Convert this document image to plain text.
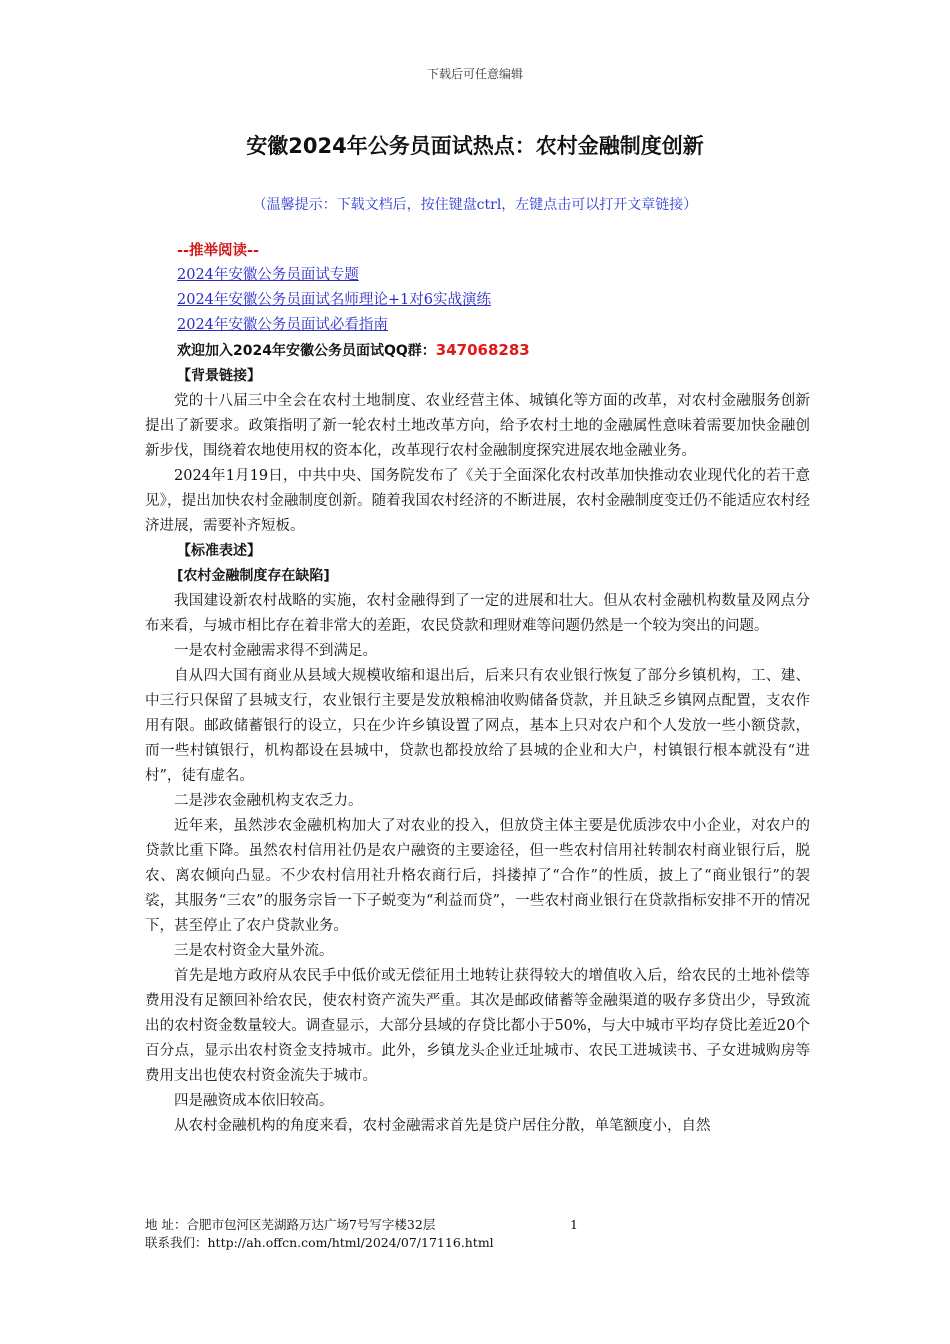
下载后可任意编辑
安徽2024年公务员面试热点：农村金融制度创新
（温馨提示：下载文档后，按住键盘ctrl，左键点击可以打开文章链接）

--推举阅读--

2024年安徽公务员面试专题

2024年安徽公务员面试名师理论+1对6实战演练

2024年安徽公务员面试必看指南

欢迎加入2024年安徽公务员面试QQ群：347068283

【背景链接】

党的十八届三中全会在农村土地制度、农业经营主体、城镇化等方面的改革，对农村金融服务创新提出了新要求。政策指明了新一轮农村土地改革方向，给予农村土地的金融属性意味着需要加快金融创新步伐，围绕着农地使用权的资本化，改革现行农村金融制度探究进展农地金融业务。

2024年1月19日，中共中央、国务院发布了《关于全面深化农村改革加快推动农业现代化的若干意见》，提出加快农村金融制度创新。随着我国农村经济的不断进展，农村金融制度变迁仍不能适应农村经济进展，需要补齐短板。

【标准表述】

[农村金融制度存在缺陷]

我国建设新农村战略的实施，农村金融得到了一定的进展和壮大。但从农村金融机构数量及网点分布来看，与城市相比存在着非常大的差距，农民贷款和理财难等问题仍然是一个较为突出的问题。

一是农村金融需求得不到满足。

自从四大国有商业从县域大规模收缩和退出后，后来只有农业银行恢复了部分乡镇机构，工、建、中三行只保留了县城支行，农业银行主要是发放粮棉油收购储备贷款，并且缺乏乡镇网点配置，支农作用有限。邮政储蓄银行的设立，只在少许乡镇设置了网点，基本上只对农户和个人发放一些小额贷款，而一些村镇银行，机构都设在县城中，贷款也都投放给了县城的企业和大户，村镇银行根本就没有“进村”，徒有虚名。

二是涉农金融机构支农乏力。

近年来，虽然涉农金融机构加大了对农业的投入，但放贷主体主要是优质涉农中小企业，对农户的贷款比重下降。虽然农村信用社仍是农户融资的主要途径，但一些农村信用社转制农村商业银行后，脱农、离农倾向凸显。不少农村信用社升格农商行后，抖搂掉了“合作”的性质，披上了“商业银行”的袈裟，其服务“三农”的服务宗旨一下子蜕变为“利益而贷”，一些农村商业银行在贷款指标安排不开的情况下，甚至停止了农户贷款业务。

三是农村资金大量外流。

首先是地方政府从农民手中低价或无偿征用土地转让获得较大的增值收入后，给农民的土地补偿等费用没有足额回补给农民，使农村资产流失严重。其次是邮政储蓄等金融渠道的吸存多贷出少，导致流出的农村资金数量较大。调查显示，大部分县域的存贷比都小于50%，与大中城市平均存贷比差近20个百分点，显示出农村资金支持城市。此外，乡镇龙头企业迁址城市、农民工进城读书、子女进城购房等费用支出也使农村资金流失于城市。

四是融资成本依旧较高。

从农村金融机构的角度来看，农村金融需求首先是贷户居住分散，单笔额度小，自然

地 址：合肥市包河区芜湖路万达广场7号写字楼32层	1
联系我们：http://ah.offcn.com/html/2024/07/17116.html
